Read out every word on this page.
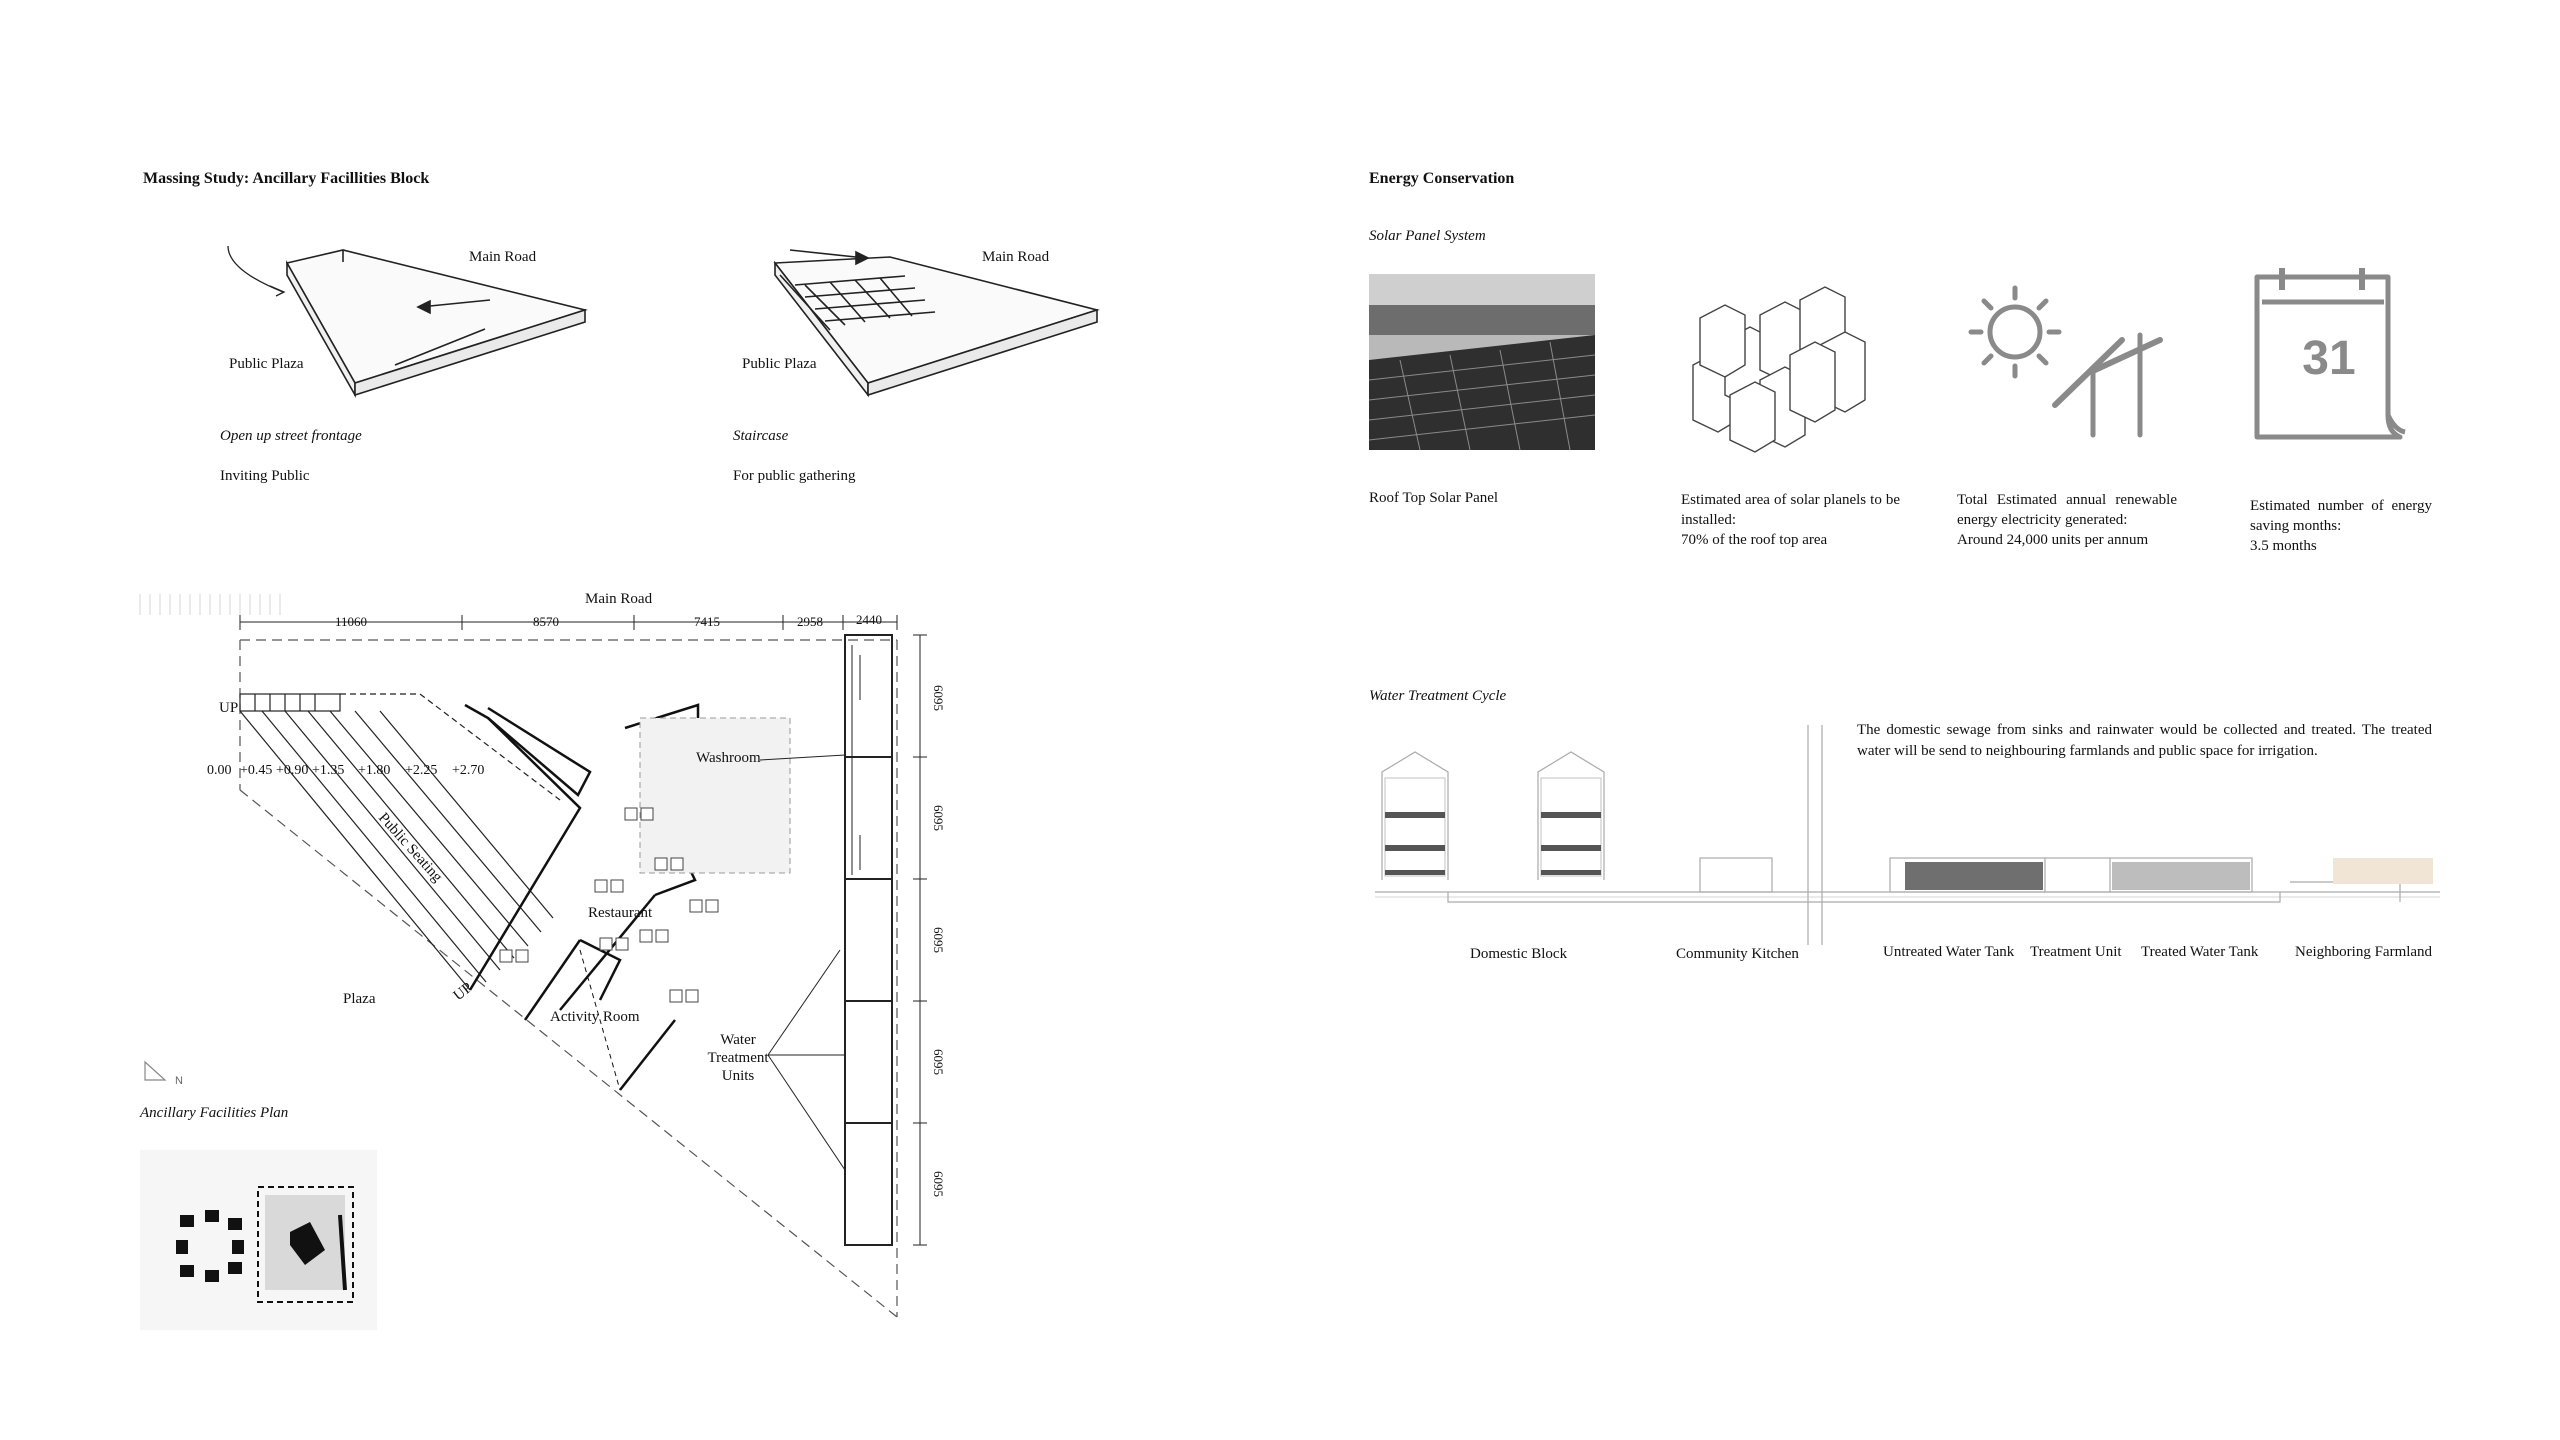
Massing Study: Ancillary Facillities Block
Main Road
Public Plaza
Main Road
Public Plaza
Open up street frontage
Inviting Public
Staircase
For public gathering
11060	8570	7415	2958	2440
Main Road
6095
6095
6095
6095
6095
UP
UP
0.00 +0.45 +0.90 +1.35 +1.80 +2.25 +2.70
Washroom
Public Seating
Restaurant
Activity Room
Plaza
Water
Treatment
Units
N
Ancillary Facilities Plan
Energy Conservation
Solar Panel System
31
Roof Top Solar Panel	Estimated area of solar planels to be installed:
70% of the roof top area
Total Estimated annual renewable energy electricity generated:
Around 24,000 units per annum
Estimated number of energy saving months:
3.5 months
Water Treatment Cycle
The domestic sewage from sinks and rainwater would be collected and treated. The treated water will be send to neighbouring farmlands and public space for irrigation.
Domestic Block	Community Kitchen	Untreated Water Tank Treatment Unit Treated Water Tank Neighboring Farmland
